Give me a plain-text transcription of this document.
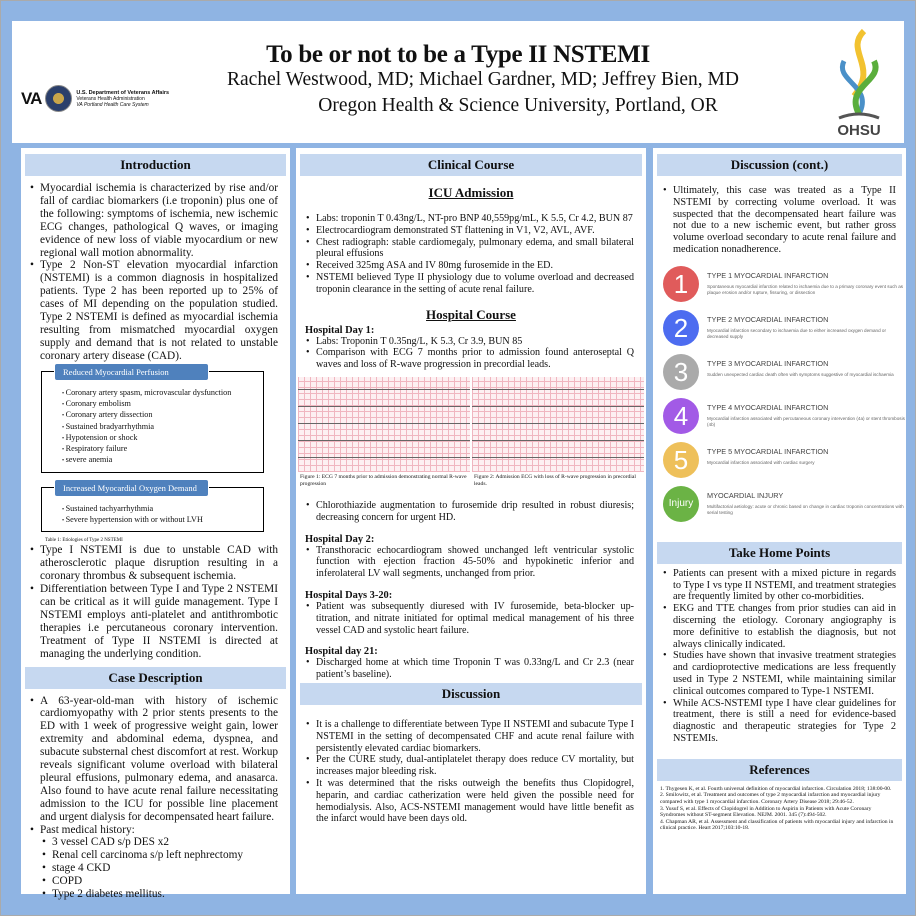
VA	U.S. Department of Veterans Affairs
Veterans Health Administration
VA Portland Health Care System
To be or not to be a Type II NSTEMI
Rachel Westwood, MD; Michael Gardner, MD; Jeffrey Bien, MD
Oregon Health & Science University, Portland, OR
OHSU
Introduction
• Myocardial ischemia is characterized by rise and/or fall of cardiac biomarkers (i.e troponin) plus one of the following: symptoms of ischemia, new ischemic ECG changes, pathological Q waves, or imaging evidence of new loss of viable myocardium or new regional wall motion abnormality.
• Type 2 Non-ST elevation myocardial infarction (NSTEMI) is a common diagnosis in hospitalized patients. Type 2 has been reported up to 25% of cases of MI depending on the population studied. Type 2 NSTEMI is defined as myocardial ischemia resulting from mismatched myocardial oxygen supply and demand that is not related to unstable coronary artery disease (CAD).
Reduced Myocardial Perfusion
• Coronary artery spasm, microvascular dysfunction
• Coronary embolism
• Coronary artery dissection
• Sustained bradyarrhythmia
• Hypotension or shock
• Respiratory failure
• severe anemia
Increased Myocardial Oxygen Demand
• Sustained tachyarrhythmia
• Severe hypertension with or without LVH
Table 1: Etiologies of Type 2 NSTEMI
• Type I NSTEMI is due to unstable CAD with atherosclerotic plaque disruption resulting in a coronary thrombus & subsequent ischemia.
• Differentiation between Type I and Type 2 NSTEMI can be critical as it will guide management. Type I NSTEMI employs anti-platelet and antithrombotic therapies i.e percutaneous coronary intervention. Treatment of Type II NSTEMI is directed at managing the underlying condition.
Case Description
• A 63-year-old-man with history of ischemic cardiomyopathy with 2 prior stents presents to the ED with 1 week of progressive weight gain, lower extremity and abdominal edema, dyspnea, and subacute substernal chest discomfort at rest. Workup reveals significant volume overload with bilateral pleural effusions, pulmonary edema, and anasarca. Also found to have acute renal failure necessitating admission to the ICU for possible line placement and urgent dialysis for decompensated heart failure.
• Past medical history:
• 3 vessel CAD s/p DES x2
• Renal cell carcinoma s/p left nephrectomy
• stage 4 CKD
• COPD
• Type 2 diabetes mellitus.
Clinical Course
ICU Admission
• Labs: troponin T 0.43ng/L, NT-pro BNP 40,559pg/mL, K 5.5, Cr 4.2, BUN 87
• Electrocardiogram demonstrated ST flattening in V1, V2, AVL, AVF.
• Chest radiograph: stable cardiomegaly, pulmonary edema, and small bilateral pleural effusions
• Received 325mg ASA and IV 80mg furosemide in the ED.
• NSTEMI believed Type II physiology due to volume overload and decreased troponin clearance in the setting of acute renal failure.
Hospital Course
Hospital Day 1:
• Labs: Troponin T 0.35ng/L, K 5.3, Cr 3.9, BUN 85
• Comparison with ECG 7 months prior to admission found anteroseptal Q waves and loss of R-wave progression in precordial leads.
Figure 1: ECG 7 months prior to admission demonstrating normal R-wave progression
Figure 2: Admission ECG with loss of R-wave progression in precordial leads.
• Chlorothiazide augmentation to furosemide drip resulted in robust diuresis; decreasing concern for urgent HD.
Hospital Day 2:
• Transthoracic echocardiogram showed unchanged left ventricular systolic function with ejection fraction 45-50% and hypokinetic inferior and inferolateral LV wall segments, unchanged from prior.
Hospital Days 3-20:
• Patient was subsequently diuresed with IV furosemide, beta-blocker up-titration, and nitrate initiated for optimal medical management of his three vessel CAD and systolic heart failure.
Hospital day 21:
• Discharged home at which time Troponin T was 0.33ng/L and Cr 2.3 (near patient’s baseline).
Discussion
• It is a challenge to differentiate between Type II NSTEMI and subacute Type I NSTEMI in the setting of decompensated CHF and acute renal failure with persistently elevated cardiac biomarkers.
• Per the CURE study, dual-antiplatelet therapy does reduce CV mortality, but increases major bleeding risk.
• It was determined that the risks outweigh the benefits thus Clopidogrel, heparin, and cardiac catherization were held given the possible need for hemodialysis. Also, ACS-NSTEMI management would have little benefit as the infarct would have been days old.
Discussion (cont.)
• Ultimately, this case was treated as a Type II NSTEMI by correcting volume overload. It was suspected that the decompensated heart failure was not due to a new ischemic event, but rather gross volume overload secondary to acute renal failure and medication nonadherence.
1	TYPE 1 MYOCARDIAL INFARCTION
Spontaneous myocardial infarction related to ischaemia due to a primary coronary event such as plaque erosion and/or rupture, fissuring, or dissection
2	TYPE 2 MYOCARDIAL INFARCTION
Myocardial infarction secondary to ischaemia due to either increased oxygen demand or decreased supply
3	TYPE 3 MYOCARDIAL INFARCTION
Sudden unexpected cardiac death often with symptoms suggestive of myocardial ischaemia
4	TYPE 4 MYOCARDIAL INFARCTION
Myocardial infarction associated with percutaneous coronary intervention (4a) or stent thrombosis (4b)
5	TYPE 5 MYOCARDIAL INFARCTION
Myocardial infarction associated with cardiac surgery
Injury
MYOCARDIAL INJURY
Multifactorial aetiology: acute or chronic based on change in cardiac troponin concentrations with serial testing
Take Home Points
• Patients can present with a mixed picture in regards to Type I vs type II NSTEMI, and treatment strategies are frequently limited by other co-morbidities.
• EKG and TTE changes from prior studies can aid in discerning the etiology. Coronary angiography is more definitive to establish the diagnosis, but not always clinically indicated.
• Studies have shown that invasive treatment strategies and cardioprotective medications are less frequently used in Type 2 NSTEMI, while maintaining similar clinical outcomes compared to Type-1 NSTEMI.
• While ACS-NSTEMI type I have clear guidelines for treatment, there is still a need for evidence-based diagnostic and therapeutic strategies for Type 2 NSTEMIs.
References
1. Thygesen K, et al. Fourth universal definition of myocardial infarction. Circulation 2018; 138:00-00.
2. Smilowitz, et al. Treatment and outcomes of type 2 myocardial infarction and myocardial injury compared with type 1 myocardial infarction. Coronary Artery Disease 2018; 29:46-52.
3. Yusuf S, et al. Effects of Clopidogrel in Addition to Aspirin in Patients with Acute Coronary Syndromes without ST-segment Elevation. NEJM. 2001. 345 (7):494-502.
4. Chapman AR, et al. Assessment and classification of patients with myocardial injury and infarction in clinical practice. Heart 2017;103:10-18.
